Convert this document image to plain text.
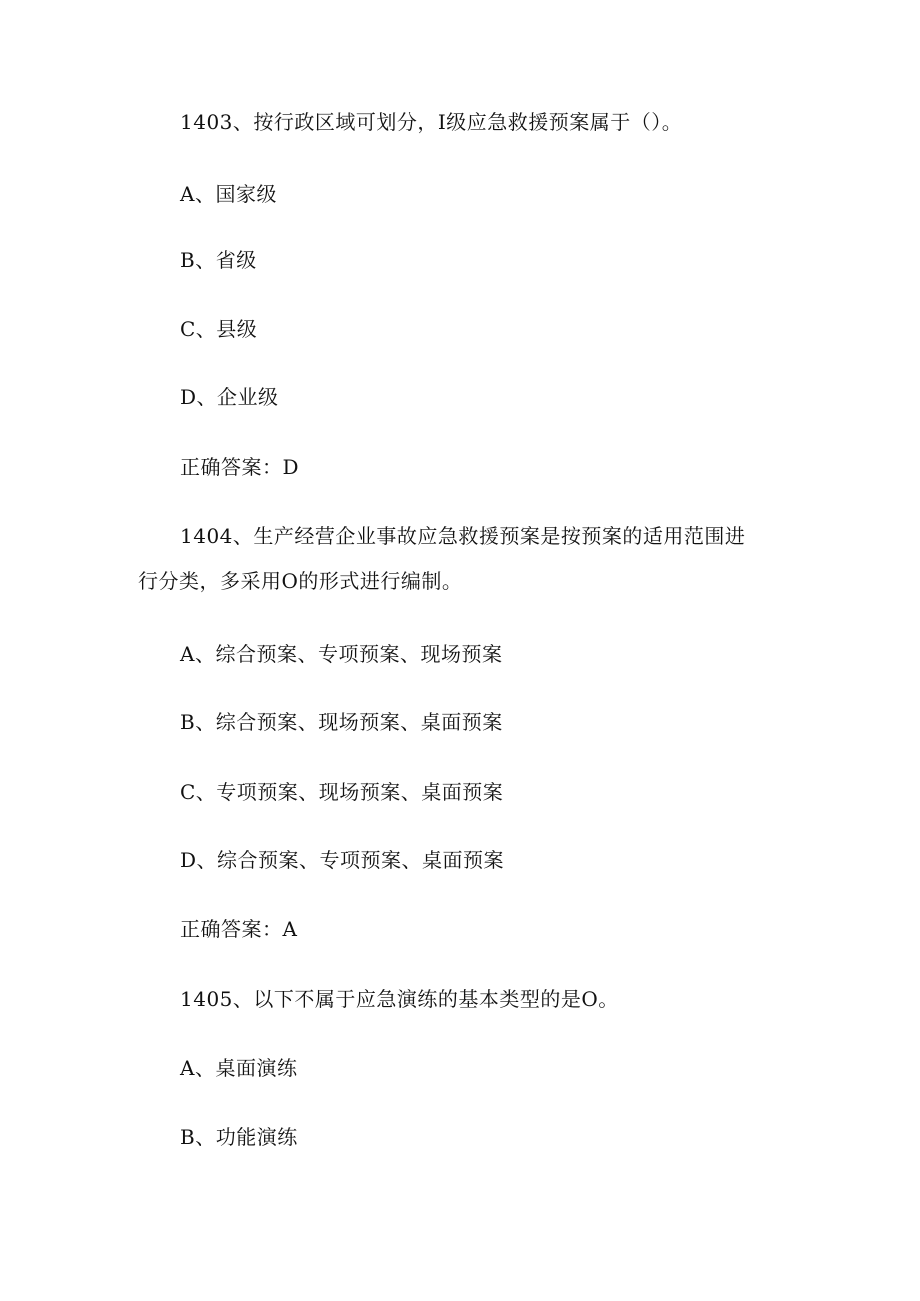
1403、按行政区域可划分，I级应急救援预案属于（）。
A、国家级
B、省级
C、县级
D、企业级
正确答案：D
1404、生产经营企业事故应急救援预案是按预案的适用范围进
行分类，多采用O的形式进行编制。
A、综合预案、专项预案、现场预案
B、综合预案、现场预案、桌面预案
C、专项预案、现场预案、桌面预案
D、综合预案、专项预案、桌面预案
正确答案：A
1405、以下不属于应急演练的基本类型的是O。
A、桌面演练
B、功能演练
